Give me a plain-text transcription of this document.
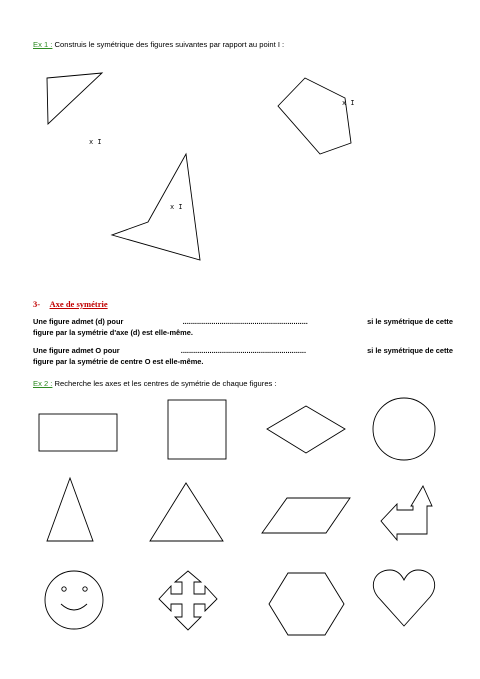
Ex 1 : Construis le symétrique des figures suivantes par rapport au point I :
x I
x I
x I
3- Axe de symétrie
Une figure admet (d) pour	.............................................................	si le symétrique de cette
figure par la symétrie d'axe (d) est elle-même.
Une figure admet O pour	.............................................................	si le symétrique de cette
figure par la symétrie de centre O est elle-même.
Ex 2 : Recherche les axes et les centres de symétrie de chaque figures :
